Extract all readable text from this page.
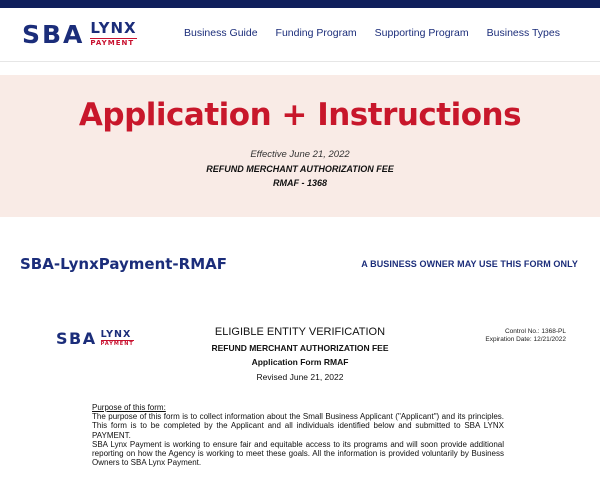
SBA LYNX
PAYMENT
Business Guide Funding Program Supporting Program Business Types
Application + Instructions
Effective June 21, 2022
REFUND MERCHANT AUTHORIZATION FEE
RMAF - 1368
SBA-LynxPayment-RMAF	A BUSINESS OWNER MAY USE THIS FORM ONLY
SBA LYNX
PAYMENT
ELIGIBLE ENTITY VERIFICATION
REFUND MERCHANT AUTHORIZATION FEE
Application Form RMAF
Revised June 21, 2022
Control No.: 1368-PL
Expiration Date: 12/21/2022
Purpose of this form:

The purpose of this form is to collect information about the Small Business Applicant ("Applicant") and its principles. This form is to be completed by the Applicant and all individuals identified below and submitted to SBA LYNX PAYMENT.

SBA Lynx Payment is working to ensure fair and equitable access to its programs and will soon provide additional reporting on how the Agency is working to meet these goals. All the information is provided voluntarily by Business Owners to SBA Lynx Payment.
